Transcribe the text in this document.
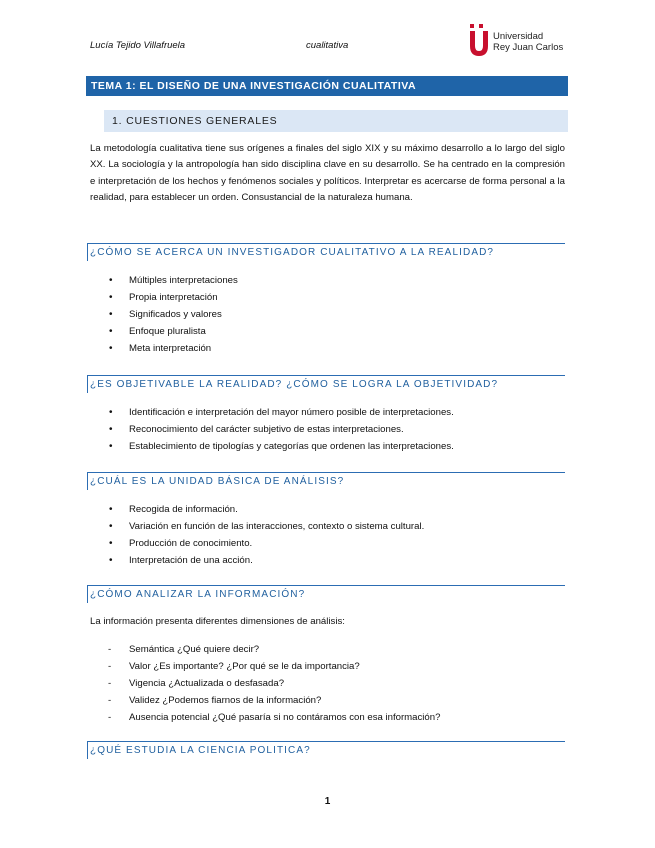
Lucía Tejido Villafruela	cualitativa
Universidad
Rey Juan Carlos
TEMA 1: EL DISEÑO DE UNA INVESTIGACIÓN CUALITATIVA
1. CUESTIONES GENERALES

La metodología cualitativa tiene sus orígenes a finales del siglo XIX y su máximo desarrollo a lo largo del siglo XX. La sociología y la antropología han sido disciplina clave en su desarrollo. Se ha centrado en la compresión e interpretación de los hechos y fenómenos sociales y políticos. Interpretar es acercarse de forma personal a la realidad, para establecer un orden. Consustancial de la naturaleza humana.

¿CÓMO SE ACERCA UN INVESTIGADOR CUALITATIVO A LA REALIDAD?
• Múltiples interpretaciones
• Propia interpretación
• Significados y valores
• Enfoque pluralista
• Meta interpretación
¿ES OBJETIVABLE LA REALIDAD? ¿CÓMO SE LOGRA LA OBJETIVIDAD?
• Identificación e interpretación del mayor número posible de interpretaciones.
• Reconocimiento del carácter subjetivo de estas interpretaciones.
• Establecimiento de tipologías y categorías que ordenen las interpretaciones.
¿CUÁL ES LA UNIDAD BÁSICA DE ANÁLISIS?
• Recogida de información.
• Variación en función de las interacciones, contexto o sistema cultural.
• Producción de conocimiento.
• Interpretación de una acción.
¿CÓMO ANALIZAR LA INFORMACIÓN?

La información presenta diferentes dimensiones de análisis:

- Semántica ¿Qué quiere decir?
- Valor ¿Es importante? ¿Por qué se le da importancia?
- Vigencia ¿Actualizada o desfasada?
- Validez ¿Podemos fiarnos de la información?
- Ausencia potencial ¿Qué pasaría si no contáramos con esa información?
¿QUÉ ESTUDIA LA CIENCIA POLITICA?
1
